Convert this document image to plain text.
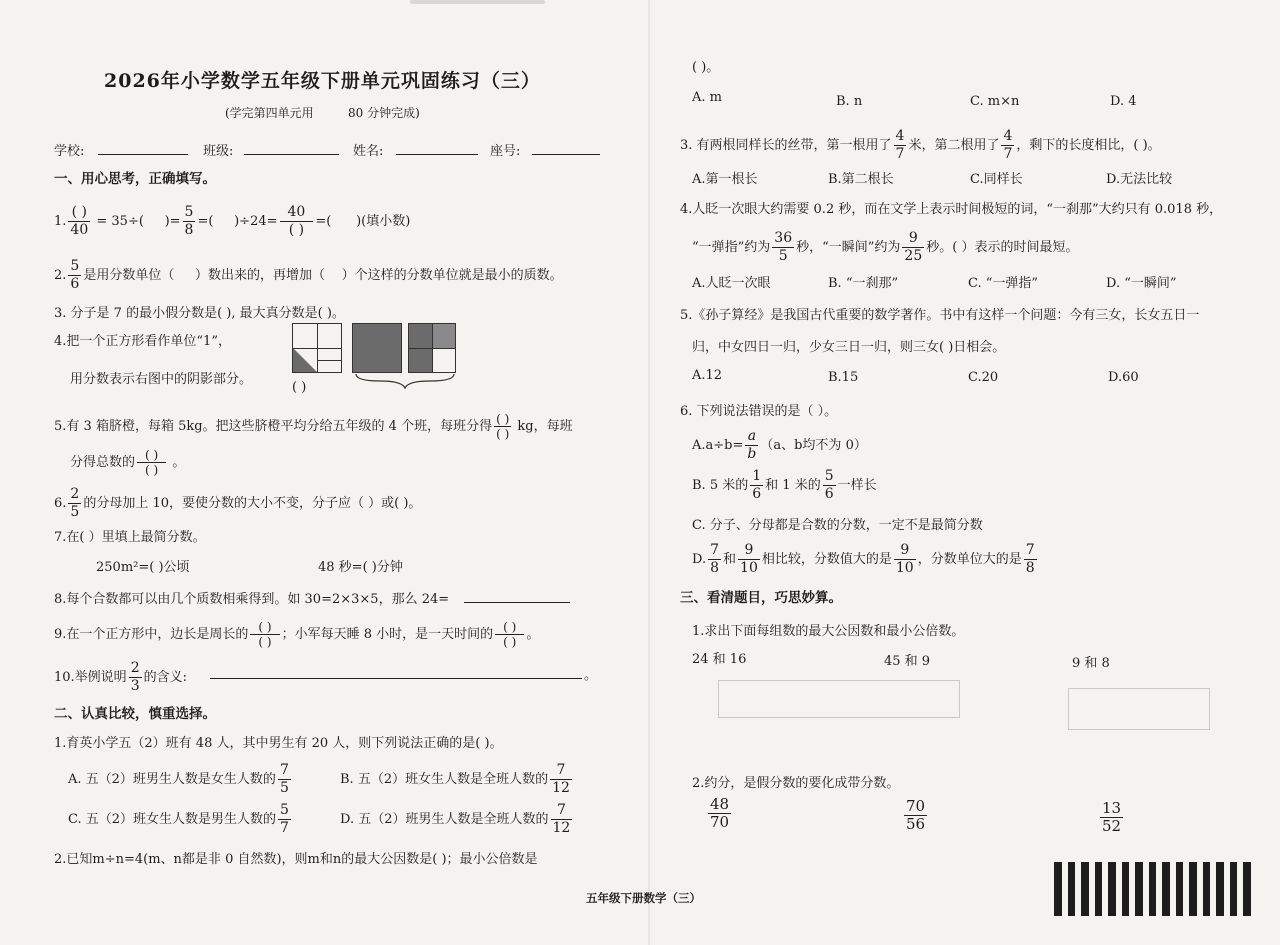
2026年小学数学五年级下册单元巩固练习（三）
(学完第四单元用	80 分钟完成)
学校:	班级:	姓名:	座号:
一、用心思考，正确填写。
1. $\frac{( )}{40} = 35\div$( )= $\frac{5}{8}$ =( )$\div 24= \frac{40}{( )}$ =( )(填小数)
2. $\frac{5}{6}$ 是用分数单位（ ）数出来的，再增加（ ）个这样的分数单位就是最小的质数。
3. 分子是 7 的最小假分数是( ), 最大真分数是( )。
4.把一个正方形看作单位“1”，
用分数表示右图中的阴影部分。
( )
5.有 3 箱脐橙，每箱 5kg。把这些脐橙平均分给五年级的 4 个班，每班分得 $\frac{( )}{( )}$ kg，每班
分得总数的 $\frac{( )}{( )}$ 。
6. $\frac{2}{5}$ 的分母加上 10，要使分数的大小不变，分子应（ ）或( )。
7.在( ）里填上最简分数。
250m²=( )公顷	48 秒=( )分钟
8.每个合数都可以由几个质数相乘得到。如 30=2×3×5，那么 24=
9.在一个正方形中，边长是周长的 $\frac{( )}{( )}$ ；小军每天睡 8 小时，是一天时间的 $\frac{( )}{( )}$ 。
10.举例说明 $\frac{2}{3}$ 的含义:	。
二、认真比较，慎重选择。
1.育英小学五（2）班有 48 人，其中男生有 20 人，则下列说法正确的是( )。
A. 五（2）班男生人数是女生人数的 $\frac{7}{5}$	B. 五（2）班女生人数是全班人数的 $\frac{7}{12}$
C. 五（2）班女生人数是男生人数的 $\frac{5}{7}$	D. 五（2）班男生人数是全班人数的 $\frac{7}{12}$
2.已知m÷n=4(m、n都是非 0 自然数)，则m和n的最大公因数是( )；最小公倍数是
( )。
A. m	B. n	C. m×n	D. 4
3. 有两根同样长的丝带，第一根用了 $\frac{4}{7}$ 米，第二根用了 $\frac{4}{7}$ ，剩下的长度相比，( )。
A.第一根长	B.第二根长	C.同样长	D.无法比较
4.人眨一次眼大约需要 0.2 秒，而在文学上表示时间极短的词，“一刹那”大约只有 0.018 秒，
“一弹指”约为 $\frac{36}{5}$ 秒，“一瞬间”约为 $\frac{9}{25}$ 秒。( ）表示的时间最短。
A.人眨一次眼	B. “一刹那”	C. “一弹指”	D. “一瞬间”
5.《孙子算经》是我国古代重要的数学著作。书中有这样一个问题：今有三女，长女五日一
归，中女四日一归，少女三日一归，则三女( )日相会。
A.12	B.15	C.20	D.60
6. 下列说法错误的是（ ）。
$A.a\div b= \frac{a}{b} (a$、b均不为 0）
B. 5 米的 $\frac{1}{6}$ 和 1 米的 $\frac{5}{6}$ 一样长
C. 分子、分母都是合数的分数，一定不是最简分数
D. $\frac{7}{8}$ 和 $\frac{9}{10}$ 相比较，分数值大的是 $\frac{9}{10}$ ，分数单位大的是 $\frac{7}{8}$
三、看清题目，巧思妙算。
1.求出下面每组数的最大公因数和最小公倍数。
24 和 16	45 和 9	9 和 8
2.约分，是假分数的要化成带分数。
$\frac{48}{70}$	$\frac{70}{56}$	$\frac{13}{52}$
五年级下册数学（三）
